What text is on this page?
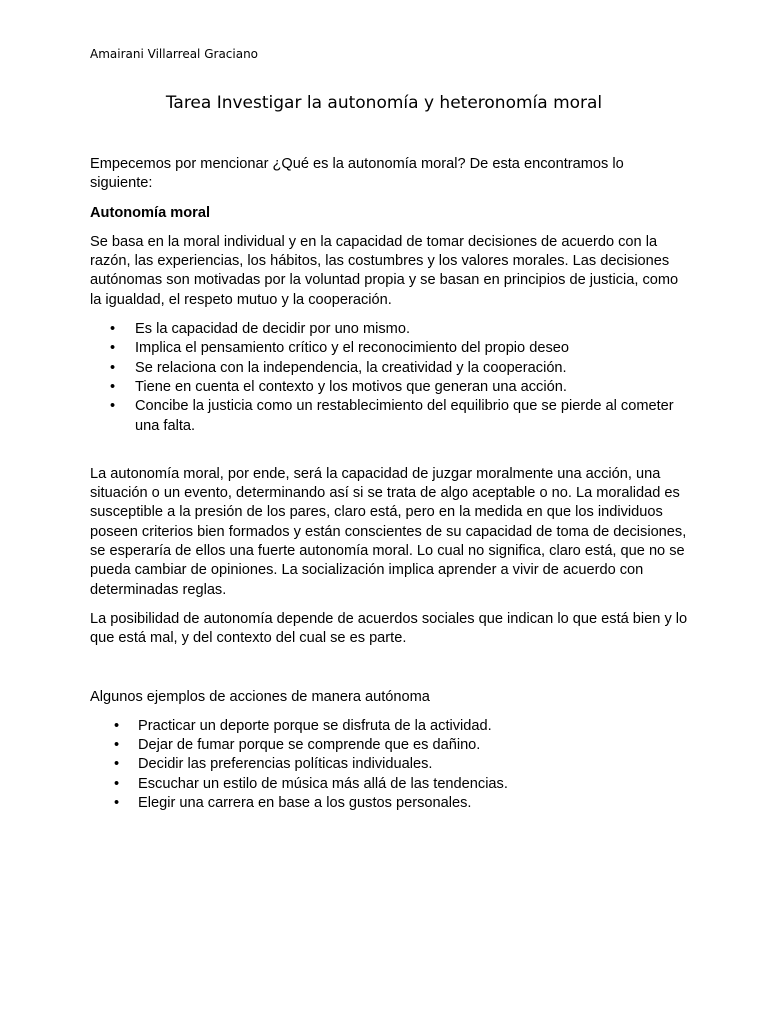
Amairani Villarreal Graciano
Tarea Investigar la autonomía y heteronomía moral

Empecemos por mencionar ¿Qué es la autonomía moral? De esta encontramos lo siguiente:

Autonomía moral

Se basa en la moral individual y en la capacidad de tomar decisiones de acuerdo con la razón, las experiencias, los hábitos, las costumbres y los valores morales. Las decisiones autónomas son motivadas por la voluntad propia y se basan en principios de justicia, como la igualdad, el respeto mutuo y la cooperación.

• Es la capacidad de decidir por uno mismo.
• Implica el pensamiento crítico y el reconocimiento del propio deseo
• Se relaciona con la independencia, la creatividad y la cooperación.
• Tiene en cuenta el contexto y los motivos que generan una acción.
• Concibe la justicia como un restablecimiento del equilibrio que se pierde al cometer una falta.

La autonomía moral, por ende, será la capacidad de juzgar moralmente una acción, una situación o un evento, determinando así si se trata de algo aceptable o no. La moralidad es susceptible a la presión de los pares, claro está, pero en la medida en que los individuos poseen criterios bien formados y están conscientes de su capacidad de toma de decisiones, se esperaría de ellos una fuerte autonomía moral. Lo cual no significa, claro está, que no se pueda cambiar de opiniones. La socialización implica aprender a vivir de acuerdo con determinadas reglas.

La posibilidad de autonomía depende de acuerdos sociales que indican lo que está bien y lo que está mal, y del contexto del cual se es parte.

Algunos ejemplos de acciones de manera autónoma

• Practicar un deporte porque se disfruta de la actividad.
• Dejar de fumar porque se comprende que es dañino.
• Decidir las preferencias políticas individuales.
• Escuchar un estilo de música más allá de las tendencias.
• Elegir una carrera en base a los gustos personales.
